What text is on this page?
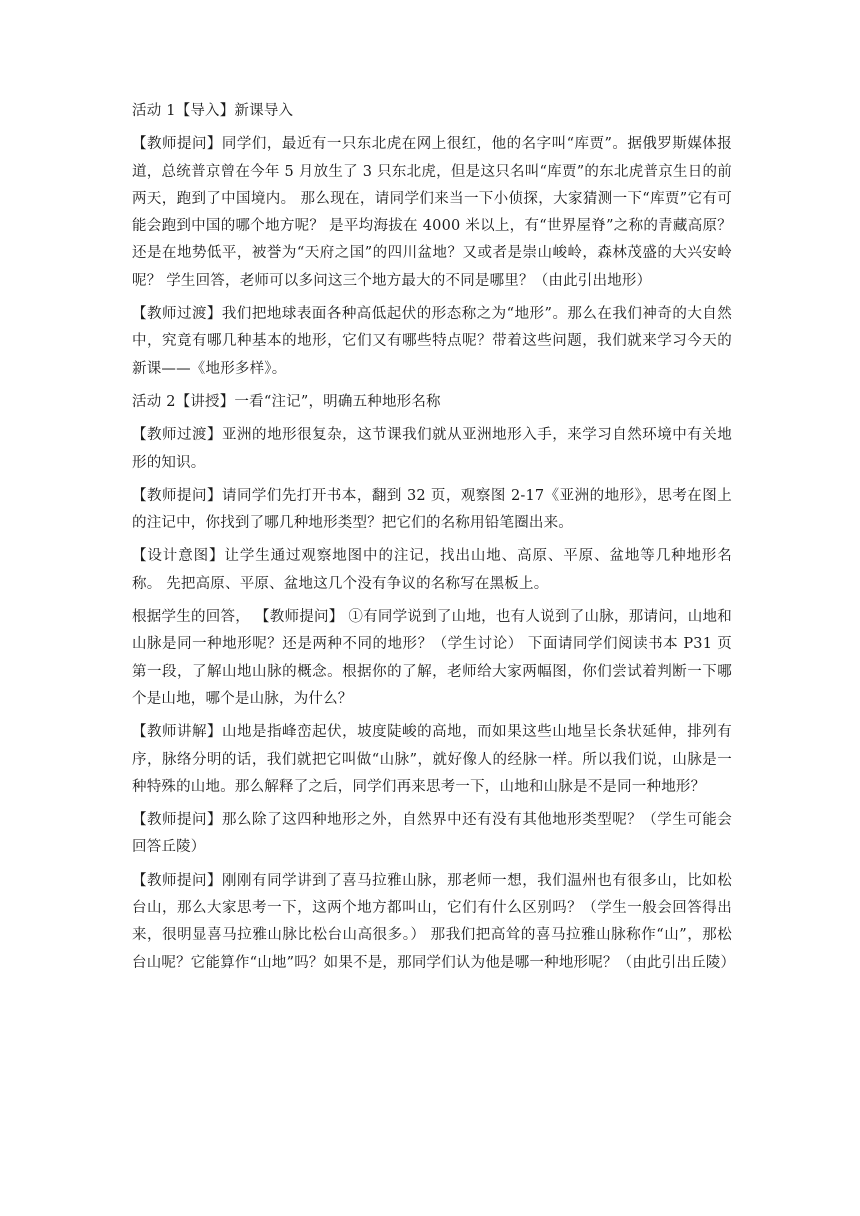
活动 1【导入】新课导入

【教师提问】同学们，最近有一只东北虎在网上很红，他的名字叫“库贾”。据俄罗斯媒体报道，总统普京曾在今年 5 月放生了 3 只东北虎，但是这只名叫“库贾”的东北虎普京生日的前两天，跑到了中国境内。 那么现在，请同学们来当一下小侦探，大家猜测一下“库贾”它有可能会跑到中国的哪个地方呢？ 是平均海拔在 4000 米以上，有“世界屋脊”之称的青藏高原？还是在地势低平，被誉为“天府之国”的四川盆地？又或者是崇山峻岭，森林茂盛的大兴安岭呢？ 学生回答，老师可以多问这三个地方最大的不同是哪里？（由此引出地形）

【教师过渡】我们把地球表面各种高低起伏的形态称之为“地形”。那么在我们神奇的大自然中，究竟有哪几种基本的地形，它们又有哪些特点呢？带着这些问题，我们就来学习今天的新课——《地形多样》。

活动 2【讲授】一看“注记”，明确五种地形名称

【教师过渡】亚洲的地形很复杂，这节课我们就从亚洲地形入手，来学习自然环境中有关地形的知识。

【教师提问】请同学们先打开书本，翻到 32 页，观察图 2-17《亚洲的地形》，思考在图上的注记中，你找到了哪几种地形类型？把它们的名称用铅笔圈出来。

【设计意图】让学生通过观察地图中的注记，找出山地、高原、平原、盆地等几种地形名称。 先把高原、平原、盆地这几个没有争议的名称写在黑板上。

根据学生的回答， 【教师提问】 ①有同学说到了山地，也有人说到了山脉，那请问，山地和山脉是同一种地形呢？还是两种不同的地形？（学生讨论） 下面请同学们阅读书本 P31 页第一段，了解山地山脉的概念。根据你的了解，老师给大家两幅图，你们尝试着判断一下哪个是山地，哪个是山脉，为什么？

【教师讲解】山地是指峰峦起伏，坡度陡峻的高地，而如果这些山地呈长条状延伸，排列有序，脉络分明的话，我们就把它叫做“山脉”，就好像人的经脉一样。所以我们说，山脉是一种特殊的山地。那么解释了之后，同学们再来思考一下，山地和山脉是不是同一种地形？

【教师提问】那么除了这四种地形之外，自然界中还有没有其他地形类型呢？（学生可能会回答丘陵）

【教师提问】刚刚有同学讲到了喜马拉雅山脉，那老师一想，我们温州也有很多山，比如松台山，那么大家思考一下，这两个地方都叫山，它们有什么区别吗？（学生一般会回答得出来，很明显喜马拉雅山脉比松台山高很多。） 那我们把高耸的喜马拉雅山脉称作“山”，那松台山呢？它能算作“山地”吗？如果不是，那同学们认为他是哪一种地形呢？（由此引出丘陵）
